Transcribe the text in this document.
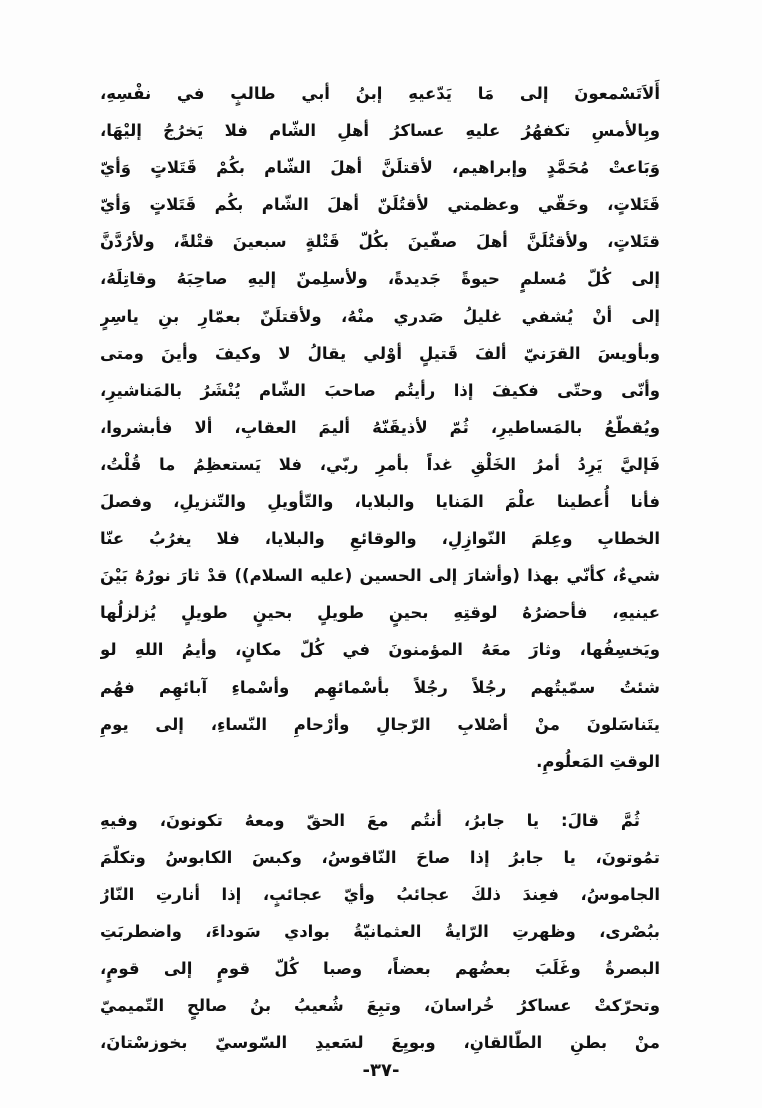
أَلاَتَسْمعونَ إلى مَا يَدّعيهِ إبنُ أبي طالبٍ في نفْسِهِ،
وبِالأمسِ تكفهُرُ عليهِ عساكرُ أهلِ الشّام فلا يَخرُجُ إليْهَا،
وَبَاعتْ مُحَمَّدٍ وإبراهيم، لأقتلَنَّ أهلَ الشّام بكُمْ قَتَلاتٍ وَأيّ
قَتَلاتٍ، وحَقّي وعظمتي لأقتُلَنّ أهلَ الشّام بكُم قَتَلاتٍ وَأيّ
قتَلاتٍ، ولأقتُلَنَّ أهلَ صفّينَ بكُلّ قَتْلةٍ سبعينَ قتْلةً، ولأرُدَّنَّ
إلى كُلّ مُسلمٍ حيوةً جَديدةً، ولأسلِمنّ إليهِ صاحِبَهُ وقاتِلَهُ،
إلى أنْ يُشفي غليلُ صَدري منْهُ، ولأقتلَنّ بعمّارِ بنِ ياسِرٍ
وبأويسَ القرَنيّ ألفَ قَتيلٍ أوْلي يقالُ لا وكيفَ وأينَ ومتى
وأنّى وحتّى فكيفَ إذا رأيتُم صاحبَ الشّام يُنْشَرُ بالمَناشيرِ،
ويُقطّعُ بالمَساطيرِ، ثُمّ لأذيقَنّهُ أليمَ العقابِ، ألا فأبشروا،
فَإليَّ يَرِدُ أمرُ الخَلْقِ غداً بأمرِ ربّي، فلا يَستعظِمُ ما قُلْتُ،
فأنا أُعطينا علْمَ المَنايا والبلايا، والتّأويلِ والتّنزيلِ، وفصلَ
الخطابِ وعِلمَ النّوازِلِ، والوقائعِ والبلايا، فلا يغرُبُ عنّا
شيءٌ، كأنّي بهذا (وأشارَ إلى الحسين (عليه السلام)) قدْ ثارَ نورُهُ بَيْنَ
عينيهِ، فأحضرُهُ لوقتِهِ بحينٍ طويلٍ بحينٍ طويلٍ يُزلزلُها
ويَخسِفُها، وثارَ معَهُ المؤمنونَ في كُلّ مكانٍ، وأيمُ اللهِ لو
شئتُ سمّيتُهم رجُلاً رجُلاً بأسْمائهِم وأسْماءِ آبائهِم فهُم
يتَناسَلونَ منْ أصْلابِ الرّجالِ وأرْحامِ النّساءِ، إلى يومِ
الوقتِ المَعلُومِ.
ثُمَّ قالَ: يا جابرُ، أنتُم معَ الحقّ ومعهُ تكونونَ، وفيهِ
تمُوتونَ، يا جابرُ إذا صاحَ النّاقوسُ، وكبسَ الكابوسُ وتكلّمَ
الجاموسُ، فعِندَ ذلكَ عجائبُ وأيّ عجائبٍ، إذا أنارتِ النّارُ
ببُصْرى، وظهرتِ الرّايةُ العثمانيّةُ بوادي سَوداءَ، واضطربَتِ
البصرةُ وغَلَبَ بعضُهم بعضاً، وصبا كُلّ قومٍ إلى قومٍ،
وتحرّكتْ عساكرُ خُراسانَ، وتبِعَ شُعيبُ بنُ صالحٍ التّميميّ
منْ بطنِ الطّالقانِ، وبويِعَ لسَعيدِ السّوسيّ بخوزسْتانَ،
-٣٧-
